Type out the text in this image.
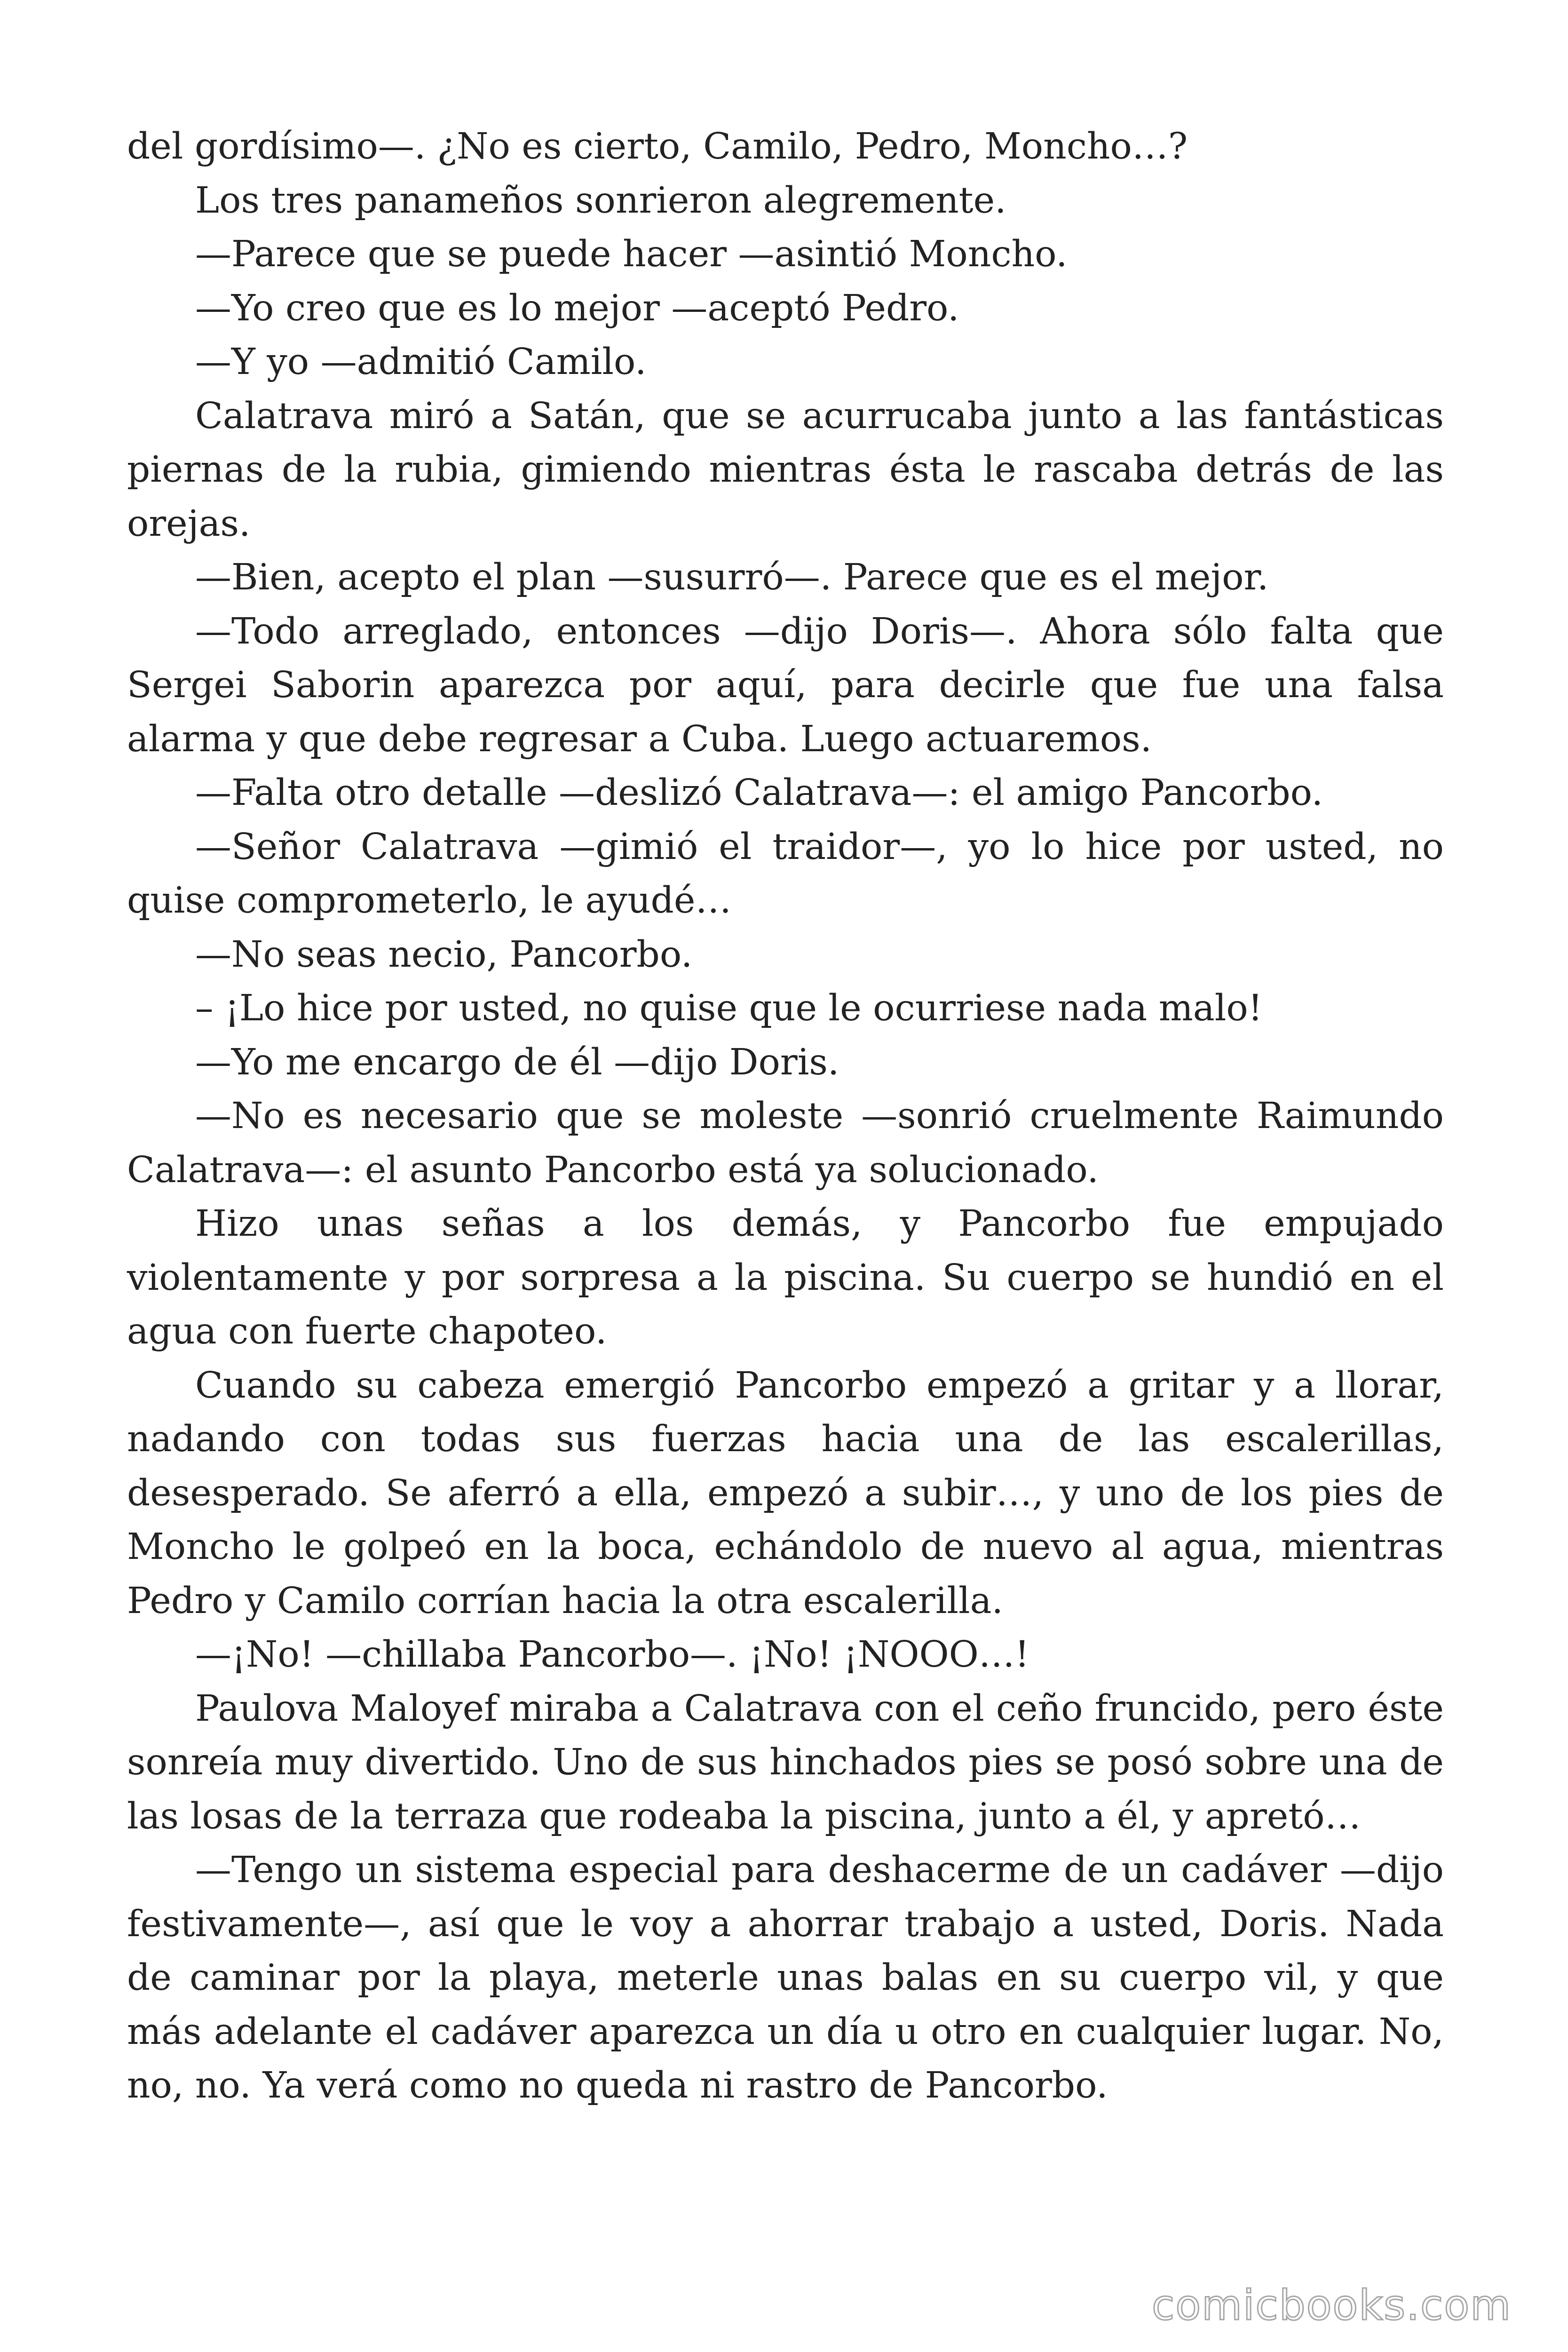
del gordísimo—. ¿No es cierto, Camilo, Pedro, Moncho…?

Los tres panameños sonrieron alegremente.

—Parece que se puede hacer —asintió Moncho.

—Yo creo que es lo mejor —aceptó Pedro.

—Y yo —admitió Camilo.

Calatrava miró a Satán, que se acurrucaba junto a las fantásticas piernas de la rubia, gimiendo mientras ésta le rascaba detrás de las orejas.

—Bien, acepto el plan —susurró—. Parece que es el mejor.

—Todo arreglado, entonces —dijo Doris—. Ahora sólo falta que Sergei Saborin aparezca por aquí, para decirle que fue una falsa alarma y que debe regresar a Cuba. Luego actuaremos.

—Falta otro detalle —deslizó Calatrava—: el amigo Pancorbo.

—Señor Calatrava —gimió el traidor—, yo lo hice por usted, no quise comprometerlo, le ayudé…

—No seas necio, Pancorbo.

– ¡Lo hice por usted, no quise que le ocurriese nada malo!

—Yo me encargo de él —dijo Doris.

—No es necesario que se moleste —sonrió cruelmente Raimundo Calatrava—: el asunto Pancorbo está ya solucionado.

Hizo unas señas a los demás, y Pancorbo fue empujado violentamente y por sorpresa a la piscina. Su cuerpo se hundió en el agua con fuerte chapoteo.

Cuando su cabeza emergió Pancorbo empezó a gritar y a llorar, nadando con todas sus fuerzas hacia una de las escalerillas, desesperado. Se aferró a ella, empezó a subir…, y uno de los pies de Moncho le golpeó en la boca, echándolo de nuevo al agua, mientras Pedro y Camilo corrían hacia la otra escalerilla.

—¡No! —chillaba Pancorbo—. ¡No! ¡NOOO…!

Paulova Maloyef miraba a Calatrava con el ceño fruncido, pero éste sonreía muy divertido. Uno de sus hinchados pies se posó sobre una de las losas de la terraza que rodeaba la piscina, junto a él, y apretó…

—Tengo un sistema especial para deshacerme de un cadáver —dijo festivamente—, así que le voy a ahorrar trabajo a usted, Doris. Nada de caminar por la playa, meterle unas balas en su cuerpo vil, y que más adelante el cadáver aparezca un día u otro en cualquier lugar. No, no, no. Ya verá como no queda ni rastro de Pancorbo.

comicbooks.com
